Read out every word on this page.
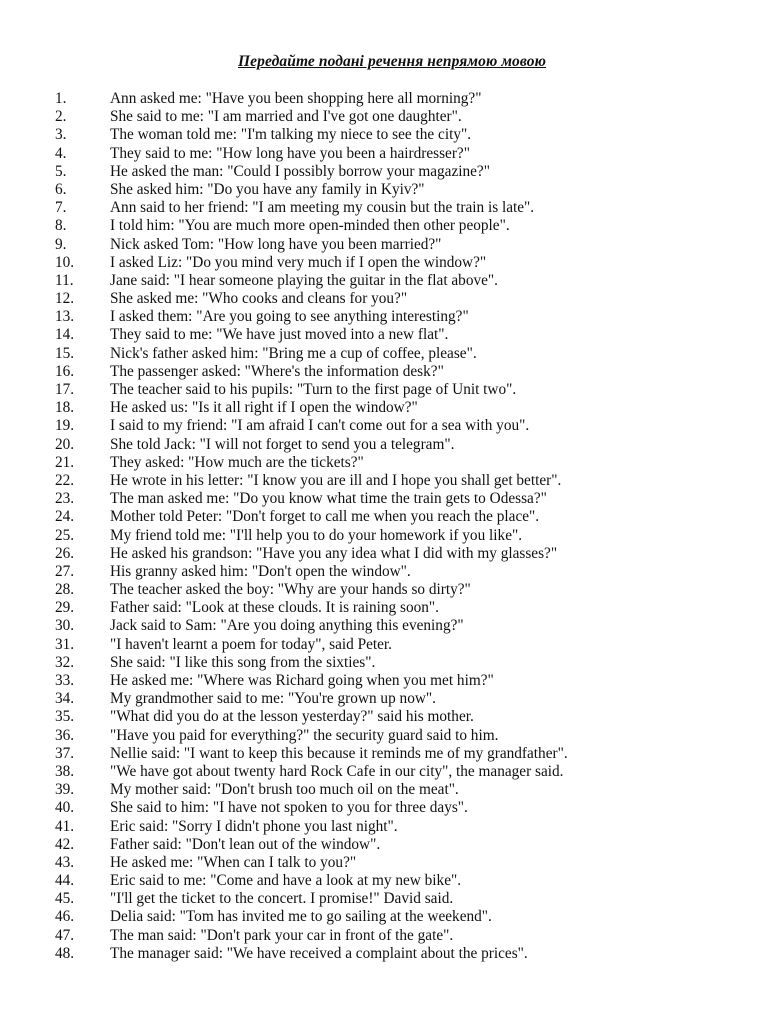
Передайте подані речення непрямою мовою
1.	Ann asked me: "Have you been shopping here all morning?"
2.	She said to me: "I am married and I've got one daughter".
3.	The woman told me: "I'm talking my niece to see the city".
4.	They said to me: "How long have you been a hairdresser?"
5.	He asked the man: "Could I possibly borrow your magazine?"
6.	She asked him: "Do you have any family in Kyiv?"
7.	Ann said to her friend: "I am meeting my cousin but the train is late".
8.	I told him: "You are much more open-minded then other people".
9.	Nick asked Tom: "How long have you been married?"
10. I asked Liz: "Do you mind very much if I open the window?"
11. Jane said: "I hear someone playing the guitar in the flat above".
12. She asked me: "Who cooks and cleans for you?"
13. I asked them: "Are you going to see anything interesting?"
14. They said to me: "We have just moved into a new flat".
15. Nick's father asked him: "Bring me a cup of coffee, please".
16. The passenger asked: "Where's the information desk?"
17. The teacher said to his pupils: "Turn to the first page of Unit two".
18. He asked us: "Is it all right if I open the window?"
19. I said to my friend: "I am afraid I can't come out for a sea with you".
20. She told Jack: "I will not forget to send you a telegram".
21. They asked: "How much are the tickets?"
22. He wrote in his letter: "I know you are ill and I hope you shall get better".
23. The man asked me: "Do you know what time the train gets to Odessa?"
24. Mother told Peter: "Don't forget to call me when you reach the place".
25. My friend told me: "I'll help you to do your homework if you like".
26. He asked his grandson: "Have you any idea what I did with my glasses?"
27. His granny asked him: "Don't open the window".
28. The teacher asked the boy: "Why are your hands so dirty?"
29. Father said: "Look at these clouds. It is raining soon".
30. Jack said to Sam: "Are you doing anything this evening?"
31. "I haven't learnt a poem for today", said Peter.
32. She said: "I like this song from the sixties".
33. He asked me: "Where was Richard going when you met him?"
34. My grandmother said to me: "You're grown up now".
35. "What did you do at the lesson yesterday?" said his mother.
36. "Have you paid for everything?" the security guard said to him.
37. Nellie said: "I want to keep this because it reminds me of my grandfather".
38. "We have got about twenty hard Rock Cafe in our city", the manager said.
39. My mother said: "Don't brush too much oil on the meat".
40. She said to him: "I have not spoken to you for three days".
41. Eric said: "Sorry I didn't phone you last night".
42. Father said: "Don't lean out of the window".
43. He asked me: "When can I talk to you?"
44. Eric said to me: "Come and have a look at my new bike".
45. "I'll get the ticket to the concert. I promise!" David said.
46. Delia said: "Tom has invited me to go sailing at the weekend".
47. The man said: "Don't park your car in front of the gate".
48. The manager said: "We have received a complaint about the prices".
